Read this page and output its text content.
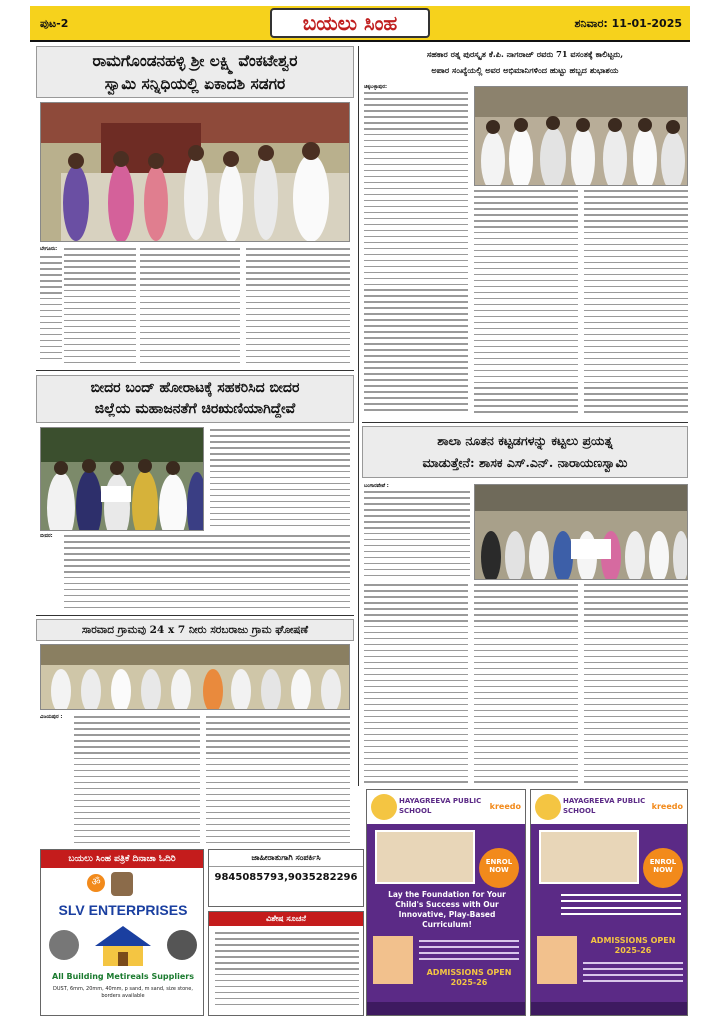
ಪುಟ-2	ಬಯಲು ಸಿಂಹ	ಶನಿವಾರ: 11-01-2025
ರಾಮಗೊಂಡನಹಳ್ಳಿ ಶ್ರೀ ಲಕ್ಷ್ಮಿ ವೆಂಕಟೇಶ್ವರ
ಸ್ವಾಮಿ ಸನ್ನಿಧಿಯಲ್ಲಿ ಏಕಾದಶಿ ಸಡಗರ
ಬೇಗೂರು:
ಬೀದರ ಬಂದ್ ಹೋರಾಟಕ್ಕೆ ಸಹಕರಿಸಿದ ಬೀದರ
ಜಿಲ್ಲೆಯ ಮಹಾಜನತೆಗೆ ಚಿರಋಣಿಯಾಗಿದ್ದೇವೆ
ಬೀದರ:
ಸಾರವಾದ ಗ್ರಾಮವು 24 x 7 ನೀರು ಸರಬರಾಜು ಗ್ರಾಮ ಘೋಷಣೆ
ವಿಜಯಪುರ :
ಸಹಕಾರ ರತ್ನ ಪುರಸ್ಕೃತ ಕೆ.ಪಿ. ನಾಗರಾಜ್ ರವರು 71 ವಸಂತಕ್ಕೆ ಕಾಲಿಟ್ಟರು,
ಅಪಾರ ಸಂಖ್ಯೆಯಲ್ಲಿ ಅವರ ಅಭಿಮಾನಿಗಳಿಂದ ಹುಟ್ಟು ಹಬ್ಬದ ಶುಭಾಶಯ
ಚಿಕ್ಕಬಳ್ಳಾಪುರ:
ಶಾಲಾ ನೂತನ ಕಟ್ಟಡಗಳನ್ನು ಕಟ್ಟಲು ಪ್ರಯತ್ನ
ಮಾಡುತ್ತೇನೆ: ಶಾಸಕ ಎಸ್.ಎನ್. ನಾರಾಯಣಸ್ವಾಮಿ
ಬಂಗಾರಪೇಟೆ :
ಬಯಲು ಸಿಂಹ ಪತ್ರಿಕೆ ದಿನಾಚಾ ಓದಿರಿ
ॐ
SLV ENTERPRISES
All Building Metireals Suppliers
DUST, 6mm, 20mm, 40mm, p sand, m sand, size stone, borders available
ಜಾಹೀರಾತುಗಾಗಿ ಸಂಪರ್ಕಿಸಿ
9845085793,9035282296
ವಿಶೇಷ ಸೂಚನೆ
HAYAGREEVA PUBLIC SCHOOL	kreedo
ENROL NOW
Lay the Foundation for Your Child's Success with Our Innovative, Play-Based Curriculum!
ADMISSIONS OPEN 2025-26
HAYAGREEVA PUBLIC SCHOOL	kreedo
ENROL NOW
ADMISSIONS OPEN 2025-26
